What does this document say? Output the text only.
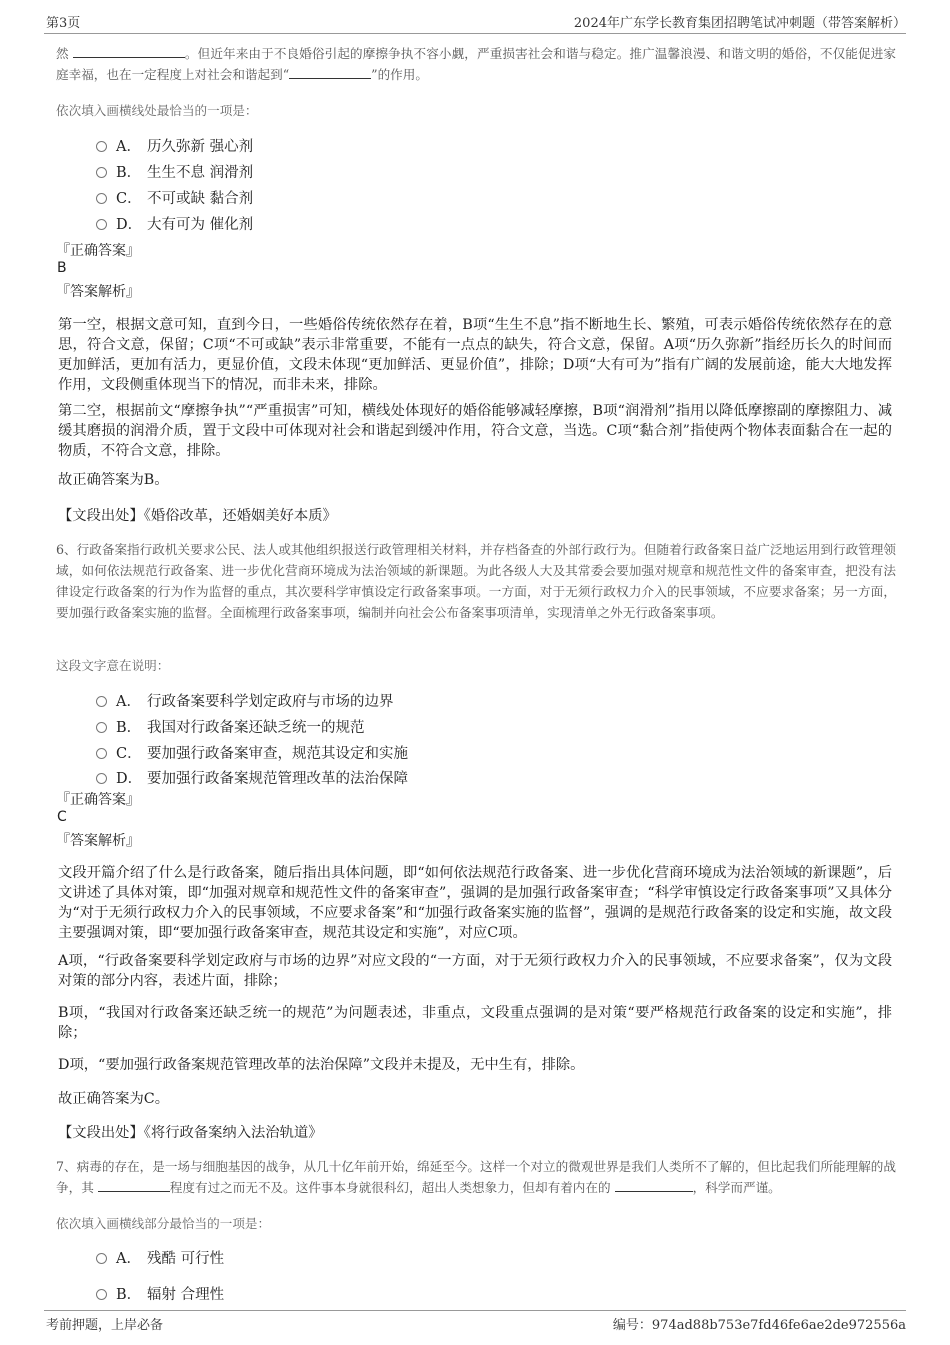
第3页	2024年广东学长教育集团招聘笔试冲刺题（带答案解析）
然	。但近年来由于不良婚俗引起的摩擦争执不容小觑，严重损害社会和谐与稳定。推广温馨浪漫、和谐文明的婚俗，不仅能促进家庭幸福，也在一定程度上对社会和谐起到“	”的作用。
依次填入画横线处最恰当的一项是：
A． 历久弥新 强心剂
B． 生生不息 润滑剂
C． 不可或缺 黏合剂
D． 大有可为 催化剂
『正确答案』
B
『答案解析』
第一空，根据文意可知，直到今日，一些婚俗传统依然存在着，B项“生生不息”指不断地生长、繁殖，可表示婚俗传统依然存在的意思，符合文意，保留；C项“不可或缺”表示非常重要，不能有一点点的缺失，符合文意，保留。A项“历久弥新”指经历长久的时间而更加鲜活，更加有活力，更显价值，文段未体现“更加鲜活、更显价值”，排除；D项“大有可为”指有广阔的发展前途，能大大地发挥作用，文段侧重体现当下的情况，而非未来，排除。
第二空，根据前文“摩擦争执”“严重损害”可知，横线处体现好的婚俗能够减轻摩擦，B项“润滑剂”指用以降低摩擦副的摩擦阻力、减缓其磨损的润滑介质，置于文段中可体现对社会和谐起到缓冲作用，符合文意，当选。C项“黏合剂”指使两个物体表面黏合在一起的物质，不符合文意，排除。
故正确答案为B。
【文段出处】《婚俗改革，还婚姻美好本质》
6、行政备案指行政机关要求公民、法人或其他组织报送行政管理相关材料，并存档备查的外部行政行为。但随着行政备案日益广泛地运用到行政管理领域，如何依法规范行政备案、进一步优化营商环境成为法治领域的新课题。为此各级人大及其常委会要加强对规章和规范性文件的备案审查，把没有法律设定行政备案的行为作为监督的重点，其次要科学审慎设定行政备案事项。一方面，对于无须行政权力介入的民事领域，不应要求备案；另一方面，要加强行政备案实施的监督。全面梳理行政备案事项，编制并向社会公布备案事项清单，实现清单之外无行政备案事项。
这段文字意在说明：
A． 行政备案要科学划定政府与市场的边界
B． 我国对行政备案还缺乏统一的规范
C． 要加强行政备案审查，规范其设定和实施
D． 要加强行政备案规范管理改革的法治保障
『正确答案』
C
『答案解析』
文段开篇介绍了什么是行政备案，随后指出具体问题，即“如何依法规范行政备案、进一步优化营商环境成为法治领域的新课题”，后文讲述了具体对策，即“加强对规章和规范性文件的备案审查”，强调的是加强行政备案审查；“科学审慎设定行政备案事项”又具体分为“对于无须行政权力介入的民事领域，不应要求备案”和“加强行政备案实施的监督”，强调的是规范行政备案的设定和实施，故文段主要强调对策，即“要加强行政备案审查，规范其设定和实施”，对应C项。
A项，“行政备案要科学划定政府与市场的边界”对应文段的“一方面，对于无须行政权力介入的民事领域，不应要求备案”，仅为文段对策的部分内容，表述片面，排除；
B项，“我国对行政备案还缺乏统一的规范”为问题表述，非重点，文段重点强调的是对策“要严格规范行政备案的设定和实施”，排除；
D项，“要加强行政备案规范管理改革的法治保障”文段并未提及，无中生有，排除。
故正确答案为C。
【文段出处】《将行政备案纳入法治轨道》
7、病毒的存在，是一场与细胞基因的战争，从几十亿年前开始，绵延至今。这样一个对立的微观世界是我们人类所不了解的，但比起我们所能理解的战争，其	程度有过之而无不及。这件事本身就很科幻，超出人类想象力，但却有着内在的	，科学而严谨。
依次填入画横线部分最恰当的一项是：
A． 残酷 可行性
B． 辐射 合理性
考前押题，上岸必备	编号：974ad88b753e7fd46fe6ae2de972556a
